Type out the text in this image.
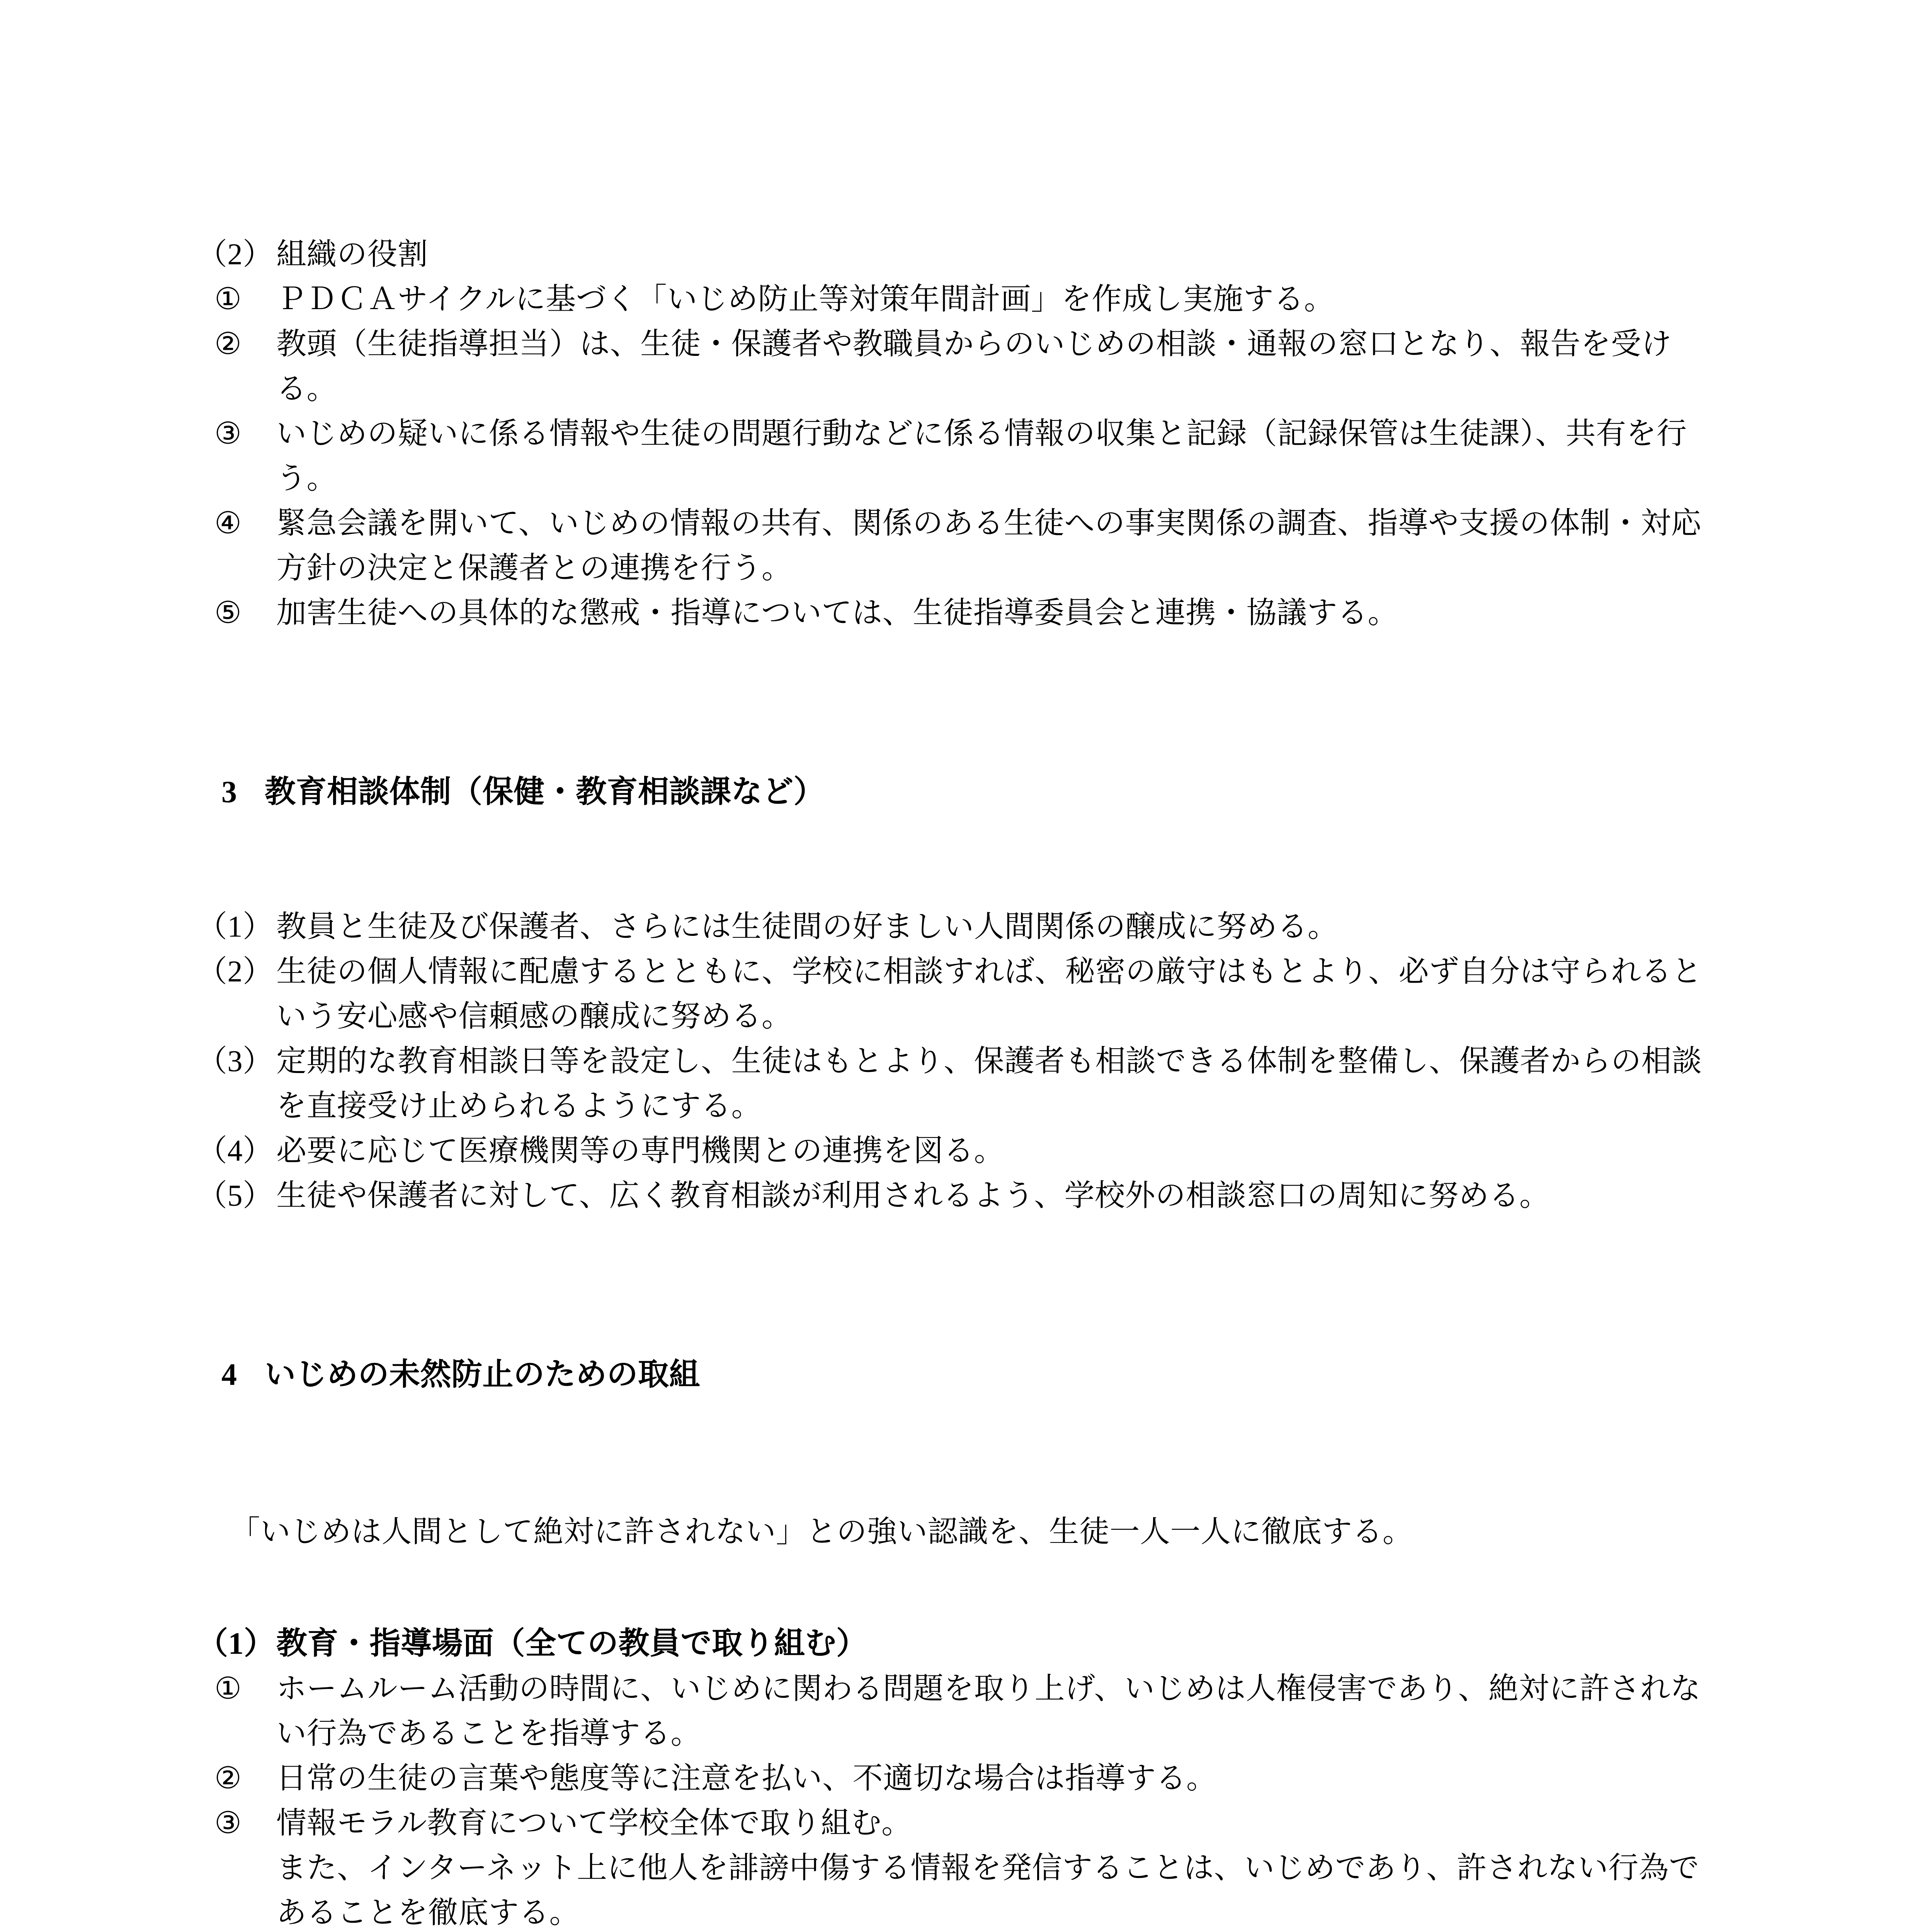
（2） 組織の役割
①	ＰＤＣＡサイクルに基づく「いじめ防止等対策年間計画」を作成し実施する。
②	教頭（生徒指導担当）は、生徒・保護者や教職員からのいじめの相談・通報の窓口となり、報告を受ける。
③	いじめの疑いに係る情報や生徒の問題行動などに係る情報の収集と記録（記録保管は生徒課）、共有を行う。
④	緊急会議を開いて、いじめの情報の共有、関係のある生徒への事実関係の調査、指導や支援の体制・対応方針の決定と保護者との連携を行う。
⑤	加害生徒への具体的な懲戒・指導については、生徒指導委員会と連携・協議する。

3 教育相談体制（保健・教育相談課など）

（1） 教員と生徒及び保護者、さらには生徒間の好ましい人間関係の醸成に努める。
（2） 生徒の個人情報に配慮するとともに、学校に相談すれば、秘密の厳守はもとより、必ず自分は守られるという安心感や信頼感の醸成に努める。
（3） 定期的な教育相談日等を設定し、生徒はもとより、保護者も相談できる体制を整備し、保護者からの相談を直接受け止められるようにする。
（4） 必要に応じて医療機関等の専門機関との連携を図る。
（5） 生徒や保護者に対して、広く教育相談が利用されるよう、学校外の相談窓口の周知に努める。

4 いじめの未然防止のための取組

「いじめは人間として絶対に許されない」との強い認識を、生徒一人一人に徹底する。
（1） 教育・指導場面（全ての教員で取り組む）
①	ホームルーム活動の時間に、いじめに関わる問題を取り上げ、いじめは人権侵害であり、絶対に許されない行為であることを指導する。
②	日常の生徒の言葉や態度等に注意を払い、不適切な場合は指導する。
③	情報モラル教育について学校全体で取り組む。
また、インターネット上に他人を誹謗中傷する情報を発信することは、いじめであり、許されない行為であることを徹底する。
